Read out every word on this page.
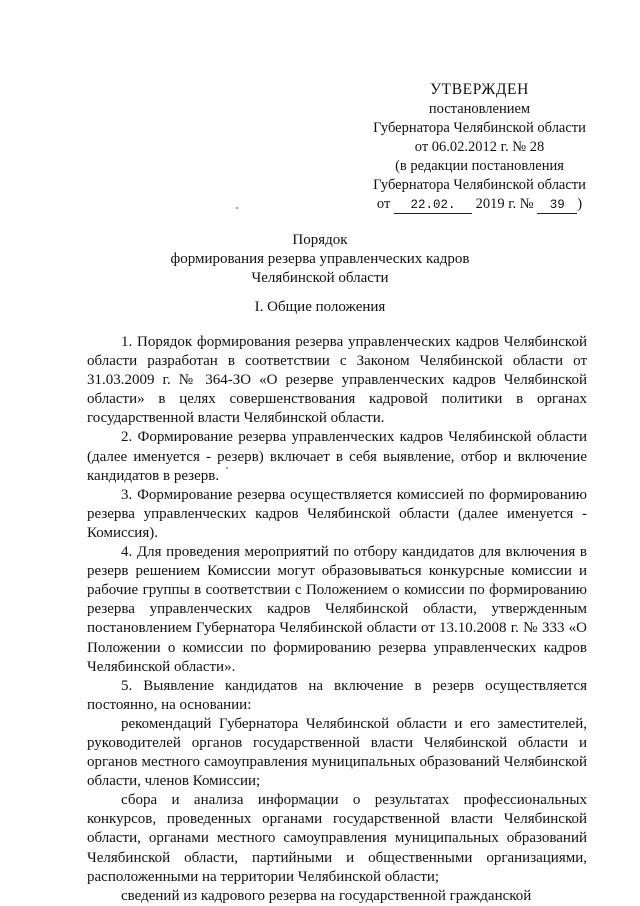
УТВЕРЖДЕН
постановлением
Губернатора Челябинской области
от 06.02.2012 г. № 28
(в редакции постановления
Губернатора Челябинской области
от 22.02. 2019 г. № 39 )
Порядок
формирования резерва управленческих кадров
Челябинской области
I. Общие положения

1. Порядок формирования резерва управленческих кадров Челябинской области разработан в соответствии с Законом Челябинской области от 31.03.2009 г. № 364-ЗО «О резерве управленческих кадров Челябинской области» в целях совершенствования кадровой политики в органах государственной власти Челябинской области.

2. Формирование резерва управленческих кадров Челябинской области (далее именуется - резерв) включает в себя выявление, отбор и включение кандидатов в резерв.

3. Формирование резерва осуществляется комиссией по формированию резерва управленческих кадров Челябинской области (далее именуется - Комиссия).

4. Для проведения мероприятий по отбору кандидатов для включения в резерв решением Комиссии могут образовываться конкурсные комиссии и рабочие группы в соответствии с Положением о комиссии по формированию резерва управленческих кадров Челябинской области, утвержденным постановлением Губернатора Челябинской области от 13.10.2008 г. № 333 «О Положении о комиссии по формированию резерва управленческих кадров Челябинской области».

5. Выявление кандидатов на включение в резерв осуществляется постоянно, на основании:

рекомендаций Губернатора Челябинской области и его заместителей, руководителей органов государственной власти Челябинской области и органов местного самоуправления муниципальных образований Челябинской области, членов Комиссии;

сбора и анализа информации о результатах профессиональных конкурсов, проведенных органами государственной власти Челябинской области, органами местного самоуправления муниципальных образований Челябинской области, партийными и общественными организациями, расположенными на территории Челябинской области;

сведений из кадрового резерва на государственной гражданской
